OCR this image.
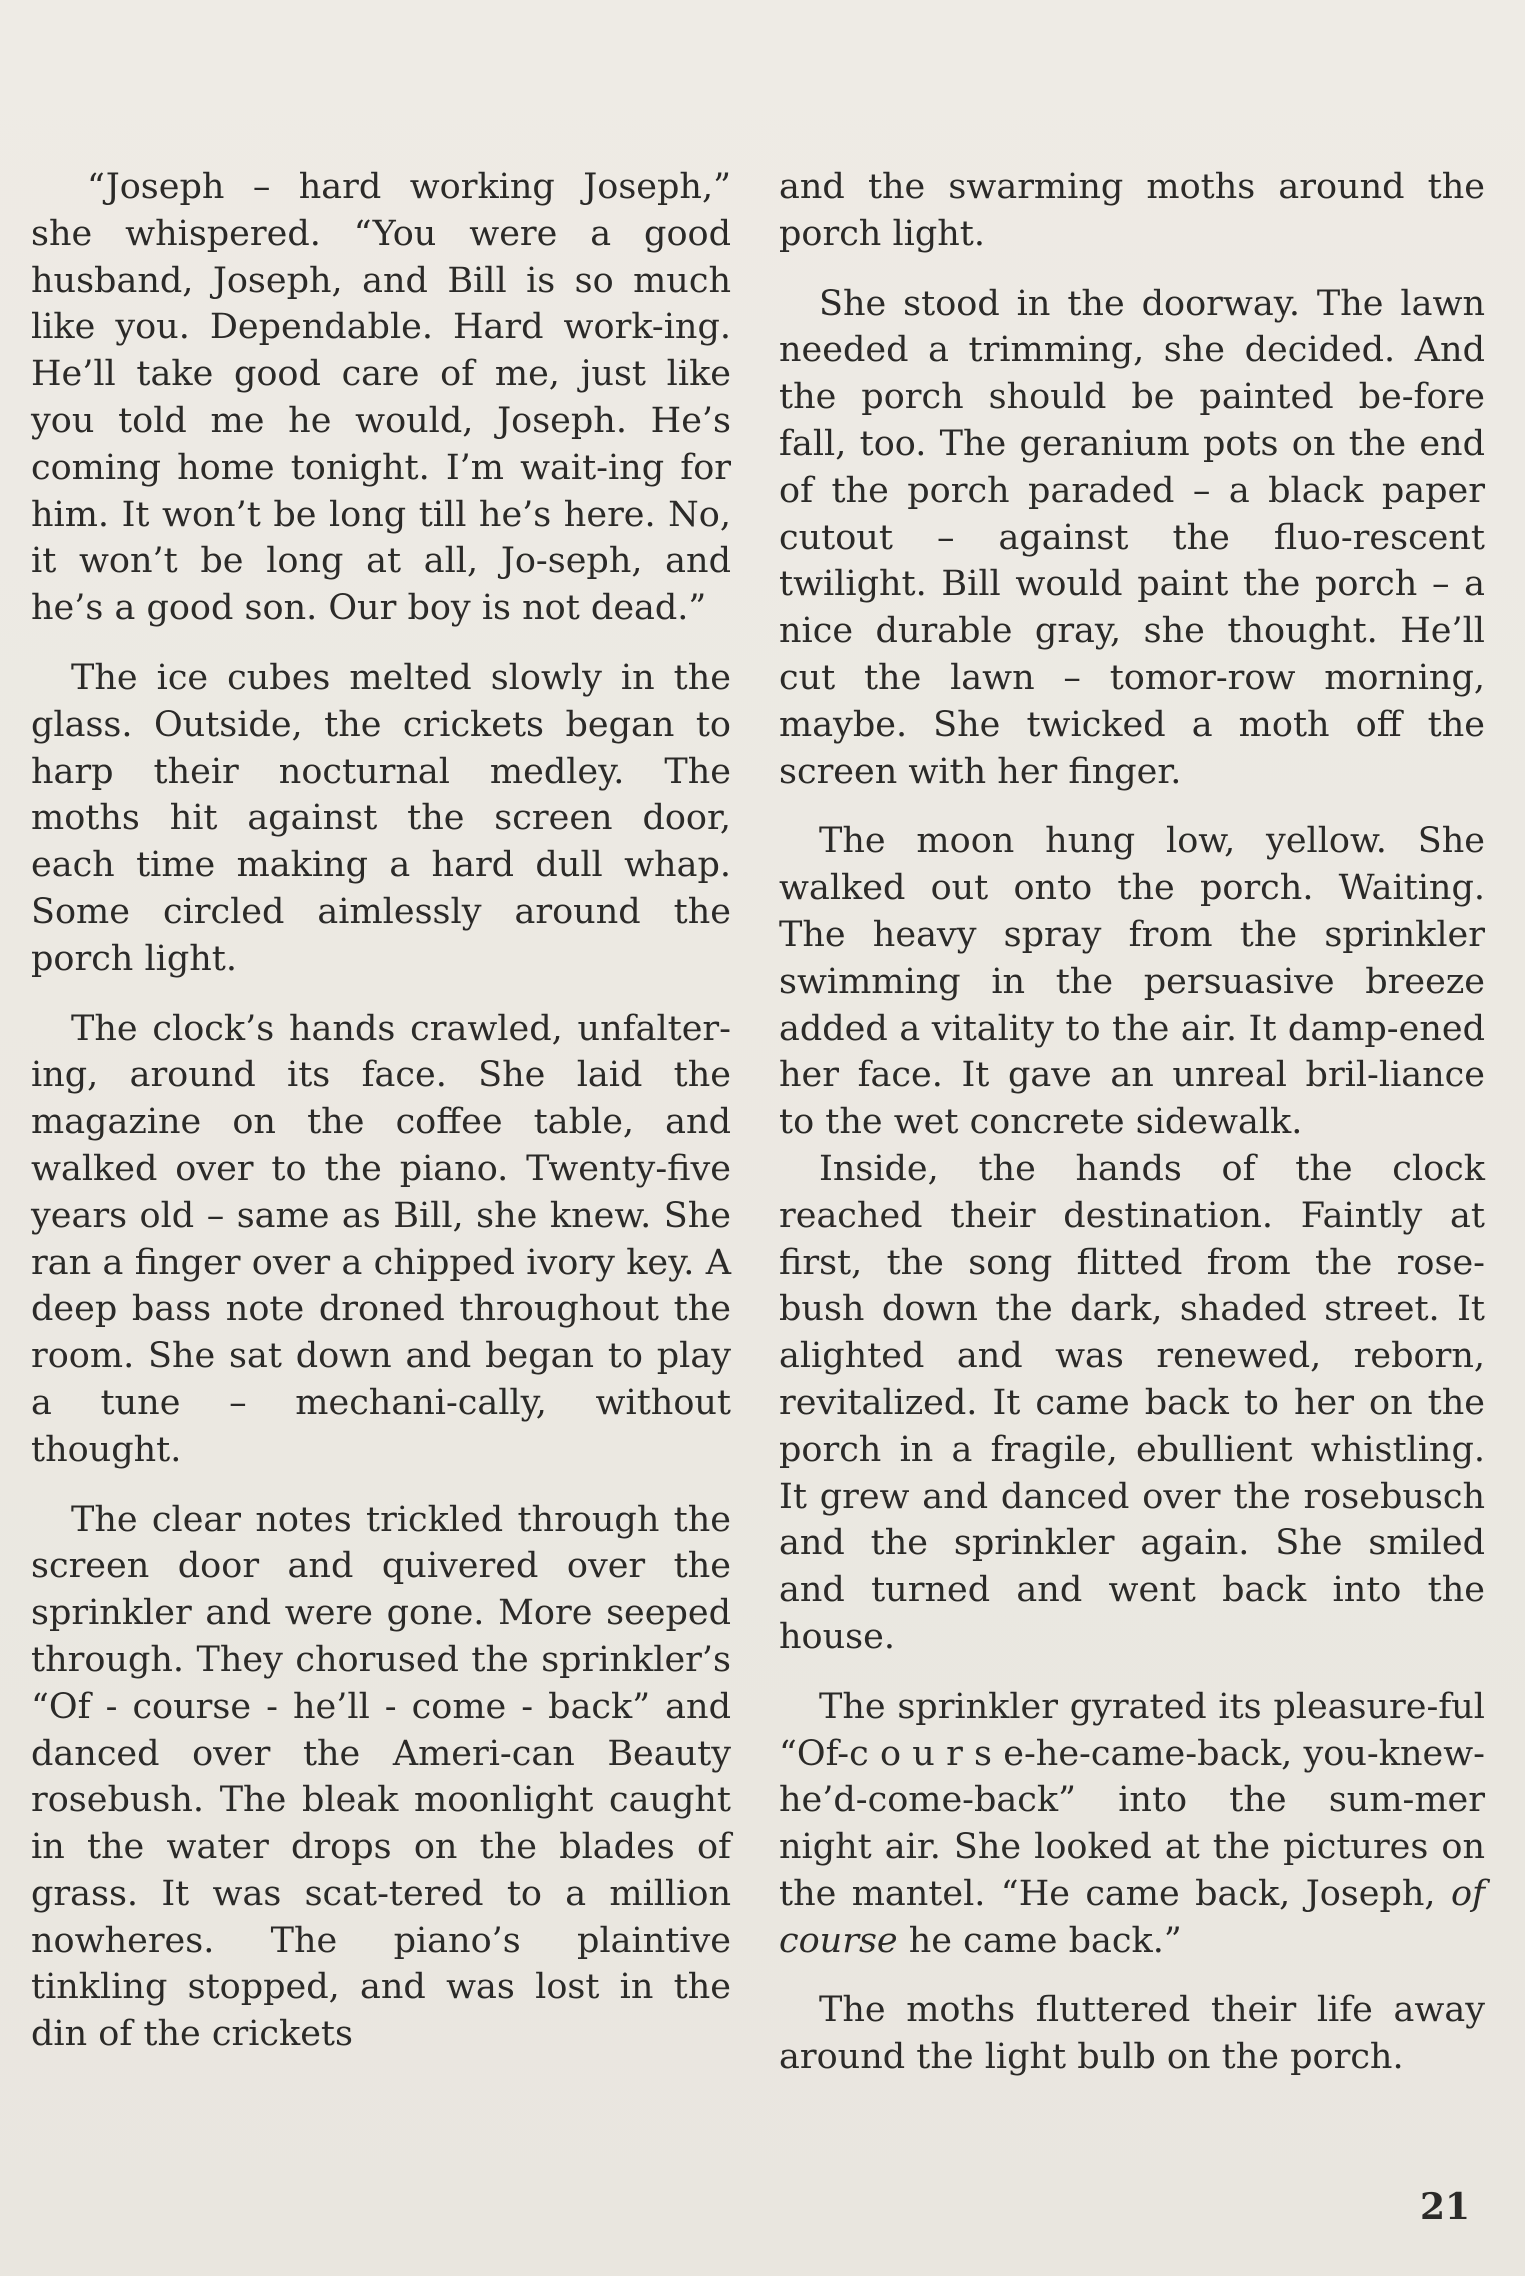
“Joseph – hard working Joseph,” she whispered. “You were a good husband, Joseph, and Bill is so much like you. Dependable. Hard work-ing. He’ll take good care of me, just like you told me he would, Joseph. He’s coming home tonight. I’m wait-ing for him. It won’t be long till he’s here. No, it won’t be long at all, Jo-seph, and he’s a good son. Our boy is not dead.”

The ice cubes melted slowly in the glass. Outside, the crickets began to harp their nocturnal medley. The moths hit against the screen door, each time making a hard dull whap. Some circled aimlessly around the porch light.

The clock’s hands crawled, unfalter-ing, around its face. She laid the magazine on the coffee table, and walked over to the piano. Twenty-five years old – same as Bill, she knew. She ran a finger over a chipped ivory key. A deep bass note droned throughout the room. She sat down and began to play a tune – mechani-cally, without thought.

The clear notes trickled through the screen door and quivered over the sprinkler and were gone. More seeped through. They chorused the sprinkler’s “Of - course - he’ll - come - back” and danced over the Ameri-can Beauty rosebush. The bleak moonlight caught in the water drops on the blades of grass. It was scat-tered to a million nowheres. The piano’s plaintive tinkling stopped, and was lost in the din of the crickets

and the swarming moths around the porch light.

She stood in the doorway. The lawn needed a trimming, she decided. And the porch should be painted be-fore fall, too. The geranium pots on the end of the porch paraded – a black paper cutout – against the fluo-rescent twilight. Bill would paint the porch – a nice durable gray, she thought. He’ll cut the lawn – tomor-row morning, maybe. She twicked a moth off the screen with her finger.

The moon hung low, yellow. She walked out onto the porch. Waiting. The heavy spray from the sprinkler swimming in the persuasive breeze added a vitality to the air. It damp-ened her face. It gave an unreal bril-liance to the wet concrete sidewalk.

Inside, the hands of the clock reached their destination. Faintly at first, the song flitted from the rose-bush down the dark, shaded street. It alighted and was renewed, reborn, revitalized. It came back to her on the porch in a fragile, ebullient whistling. It grew and danced over the rosebusch and the sprinkler again. She smiled and turned and went back into the house.

The sprinkler gyrated its pleasure-ful “Of-c o u r s e-he-came-back, you-knew-he’d-come-back” into the sum-mer night air. She looked at the pictures on the mantel. “He came back, Joseph, of course he came back.”

The moths fluttered their life away around the light bulb on the porch.

21
